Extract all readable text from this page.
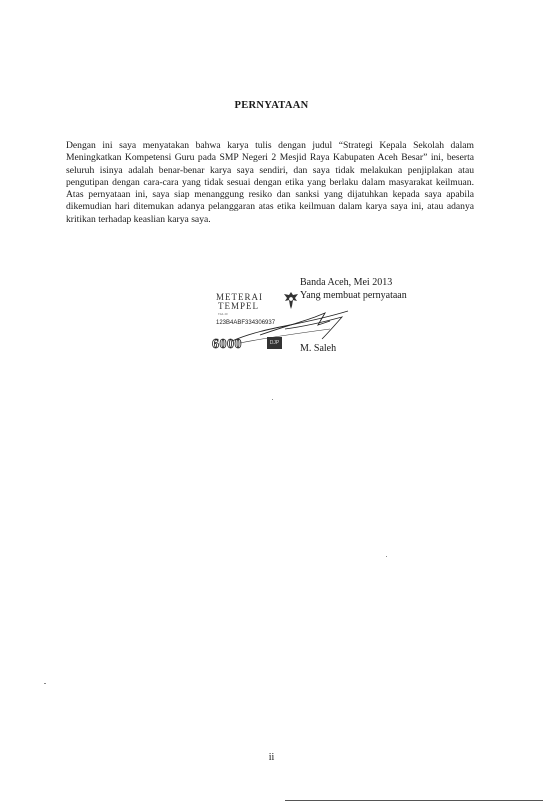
PERNYATAAN
Dengan ini saya menyatakan bahwa karya tulis dengan judul “Strategi Kepala Sekolah dalam Meningkatkan Kompetensi Guru pada SMP Negeri 2 Mesjid Raya Kabupaten Aceh Besar” ini, beserta seluruh isinya adalah benar-benar karya saya sendiri, dan saya tidak melakukan penjiplakan atau pengutipan dengan cara-cara yang tidak sesuai dengan etika yang berlaku dalam masyarakat keilmuan. Atas pernyataan ini, saya siap menanggung resiko dan sanksi yang dijatuhkan kepada saya apabila dikemudian hari ditemukan adanya pelanggaran atas etika keilmuan dalam karya saya ini, atau adanya kritikan terhadap keaslian karya saya.
Banda Aceh, Mei 2013
Yang membuat pernyataan
METERAI
TEMPEL
TGL 20
123B4ABF334306937
6000	DJP M. Saleh
ii
